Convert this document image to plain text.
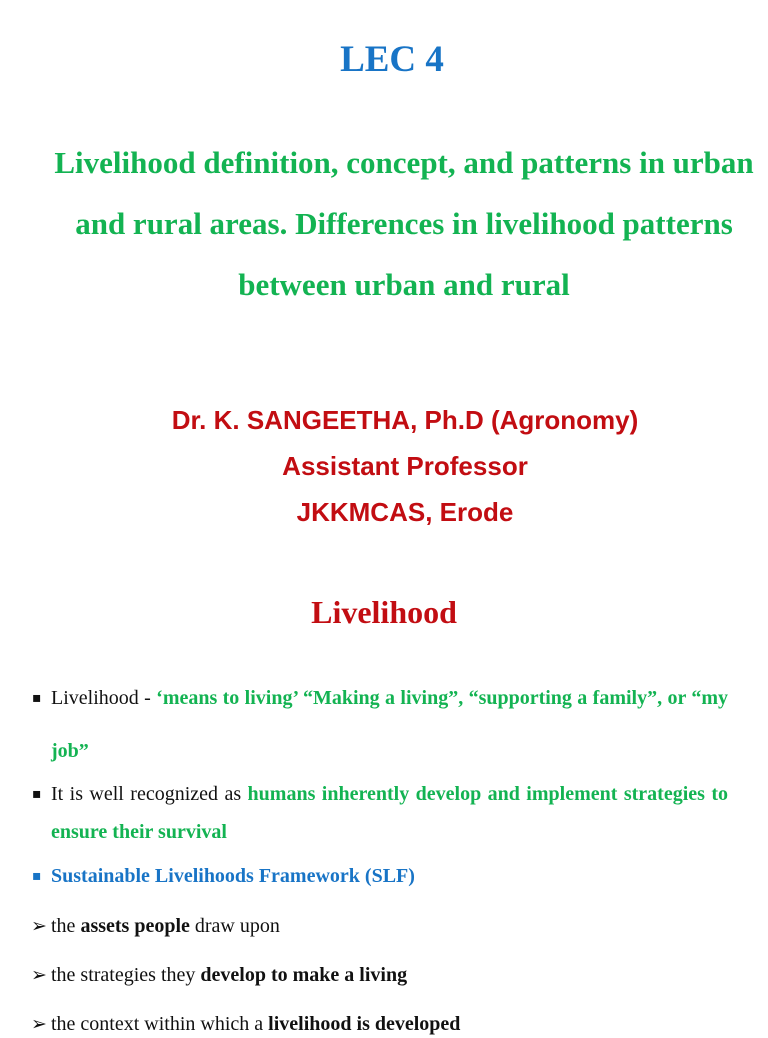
LEC 4
Livelihood definition, concept, and patterns in urban and rural areas. Differences in livelihood patterns between urban and rural
Dr. K. SANGEETHA, Ph.D (Agronomy)
Assistant Professor
JKKMCAS, Erode
Livelihood
▪ Livelihood - ‘means to living’ “Making a living”, “supporting a family”, or “my job”
▪ It is well recognized as humans inherently develop and implement strategies to ensure their survival
▪ Sustainable Livelihoods Framework (SLF)
➢ the assets people draw upon
➢ the strategies they develop to make a living
➢ the context within which a livelihood is developed
